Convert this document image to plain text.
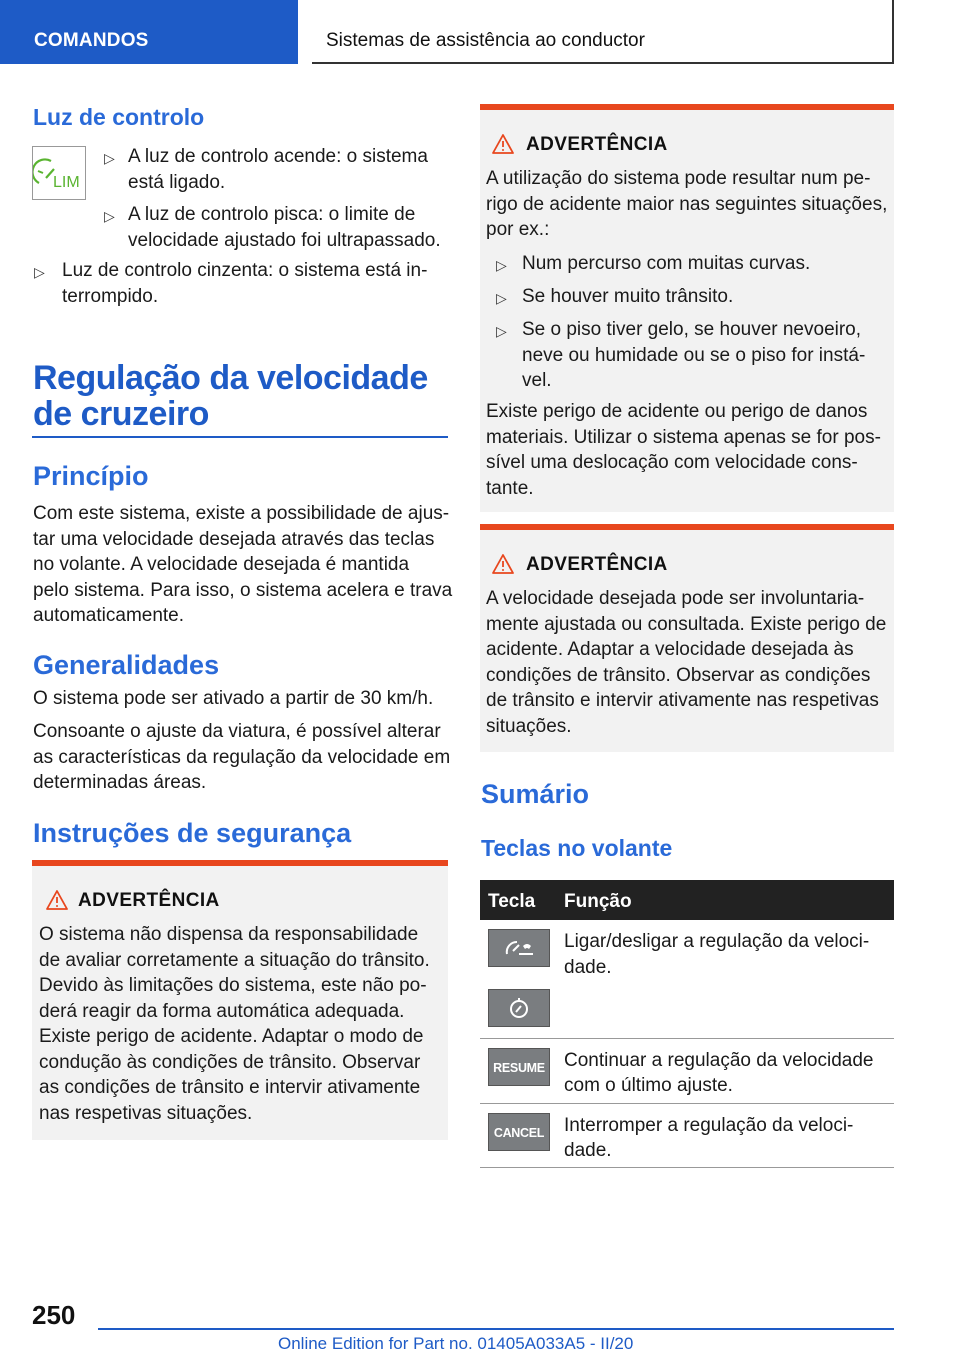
COMANDOS	Sistemas de assistência ao conductor
Luz de controlo
LIM
▷ A luz de controlo acende: o sistema
está ligado.
▷ A luz de controlo pisca: o limite de
velocidade ajustado foi ultrapassado.
▷ Luz de controlo cinzenta: o sistema está in-
terrompido.
Regulação da velocidade
de cruzeiro
Princípio
Com este sistema, existe a possibilidade de ajus-
tar uma velocidade desejada através das teclas
no volante. A velocidade desejada é mantida
pelo sistema. Para isso, o sistema acelera e trava
automaticamente.
Generalidades
O sistema pode ser ativado a partir de 30 km/h.
Consoante o ajuste da viatura, é possível alterar
as características da regulação da velocidade em
determinadas áreas.
Instruções de segurança
ADVERTÊNCIA
O sistema não dispensa da responsabilidade
de avaliar corretamente a situação do trânsito.
Devido às limitações do sistema, este não po-
derá reagir da forma automática adequada.
Existe perigo de acidente. Adaptar o modo de
condução às condições de trânsito. Observar
as condições de trânsito e intervir ativamente
nas respetivas situações.
ADVERTÊNCIA
A utilização do sistema pode resultar num pe-
rigo de acidente maior nas seguintes situações,
por ex.:
▷ Num percurso com muitas curvas.
▷ Se houver muito trânsito.
▷ Se o piso tiver gelo, se houver nevoeiro,
neve ou humidade ou se o piso for instá-
vel.
Existe perigo de acidente ou perigo de danos
materiais. Utilizar o sistema apenas se for pos-
sível uma deslocação com velocidade cons-
tante.
ADVERTÊNCIA
A velocidade desejada pode ser involuntaria-
mente ajustada ou consultada. Existe perigo de
acidente. Adaptar a velocidade desejada às
condições de trânsito. Observar as condições
de trânsito e intervir ativamente nas respetivas
situações.
Sumário
Teclas no volante
Tecla Função
Ligar/desligar a regulação da veloci-
dade.
RESUME Continuar a regulação da velocidade
com o último ajuste.
CANCEL Interromper a regulação da veloci-
dade.
250
Online Edition for Part no. 01405A033A5 - II/20
